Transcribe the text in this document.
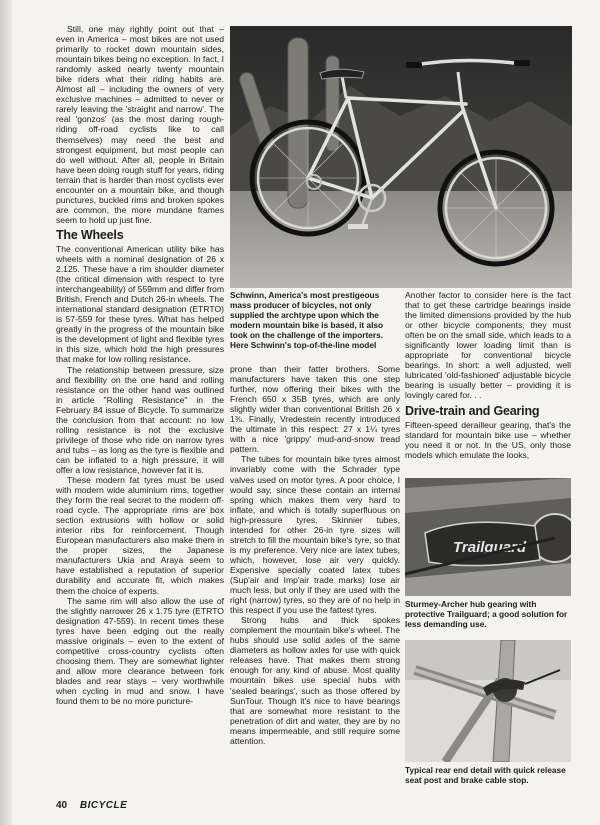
Still, one may rightly point out that – even in America – most bikes are not used primarily to rocket down mountain sides, mountain bikes being no exception. In fact, I randomly asked nearly twenty mountain bike riders what their riding habits are. Almost all – including the owners of very exclusive machines – admitted to never or rarely leaving the 'straight and narrow'. The real 'gonzos' (as the most daring rough-riding off-road cyclists like to call themselves) may need the best and strongest equipment, but most people can do well without. After all, people in Britain have been doing rough stuff for years, riding terrain that is harder than most cyclists ever encounter on a mountain bike, and though punctures, buckled rims and broken spokes are common, the more mundane frames seem to hold up just fine.

The Wheels

The conventional American utility bike has wheels with a nominal designation of 26 x 2.125. These have a rim shoulder diameter (the critical dimension with respect to tyre interchangeability) of 559mm and differ from British, French and Dutch 26-in wheels. The international standard designation (ETRTO) is 57-559 for these tyres. What has helped greatly in the progress of the mountain bike is the development of light and flexible tyres in this size, which hold the high pressures that make for low rolling resistance.

The relationship between pressure, size and flexibility on the one hand and rolling resistance on the other hand was outlined in article "Rolling Resistance" in the February 84 issue of Bicycle. To summarize the conclusion from that account: no low rolling resistance is not the exclusive privilege of those who ride on narrow tyres and tubs – as long as the tyre is flexible and can be inflated to a high pressure, it will offer a low resistance, however fat it is.

These modern fat tyres must be used with modern wide aluminium rims, together they form the real secret to the modern off-road cycle. The appropriate rims are box section extrusions with hollow or solid interior ribs for reinforcement. Though European manufacturers also make them in the proper sizes, the Japanese manufacturers Ukia and Araya seem to have established a reputation of superior durability and accurate fit, which makes them the choice of experts.

The same rim will also allow the use of the slightly narrower 26 x 1.75 tyre (ETRTO designation 47-559). In recent times these tyres have been edging out the really massive originals – even to the extent of competitive cross-country cyclists often choosing them. They are somewhat lighter and allow more clearance between fork blades and rear stays – very worthwhile when cycling in mud and snow. I have found them to be no more puncture-

Schwinn, America's most prestigeous mass producer of bicycles, not only supplied the archtype upon which the modern mountain bike is based, it also took on the challenge of the importers. Here Schwinn's top-of-the-line model

prone than their fatter brothers. Some manufacturers have taken this one step further, now offering their bikes with the French 650 x 35B tyres, which are only slightly wider than conventional British 26 x 1⅜. Finally, Vredestein recently introduced the ultimate in this respect: 27 x 1¼ tyres with a nice 'grippy' mud-and-snow tread pattern.

The tubes for mountain bike tyres almost invariably come with the Schrader type valves used on motor tyres. A poor choice, I would say, since these contain an internal spring which makes them very hard to inflate, and which is totally superfluous on high-pressure tyres. Skinnier tubes, intended for other 26-in tyre sizes will stretch to fill the mountain bike's tyre, so that is my preference. Very nice are latex tubes, which, however, lose air very quickly. Expensive specially coated latex tubes (Sup'air and Imp'air trade marks) lose air much less, but only if they are used with the right (narrow) tyres, so they are of no help in this respect if you use the fattest tyres.

Strong hubs and thick spokes complement the mountain bike's wheel. The hubs should use solid axles of the same diameters as hollow axles for use with quick releases have. That makes them strong enough for any kind of abuse. Most quality mountain bikes use special hubs with 'sealed bearings', such as those offered by SunTour. Though it's nice to have bearings that are somewhat more resistant to the penetration of dirt and water, they are by no means impermeable, and still require some attention.

Another factor to consider here is the fact that to get these cartridge bearings inside the limited dimensions provided by the hub or other bicycle components, they must often be on the small side, which leads to a significantly lower loading limit than is appropriate for conventional bicycle bearings. In short: a well adjusted, well lubricated 'old-fashioned' adjustable bicycle bearing is usually better – providing it is lovingly cared for. . .

Drive-train and Gearing

Fifteen-speed derailleur gearing, that's the standard for mountain bike use – whether you need it or not. In the US, only those models which emulate the looks,

Trailguard
Sturmey-Archer hub gearing with protective Trailguard; a good solution for less demanding use.
Typical rear end detail with quick release seat post and brake cable stop.
40 BICYCLE
